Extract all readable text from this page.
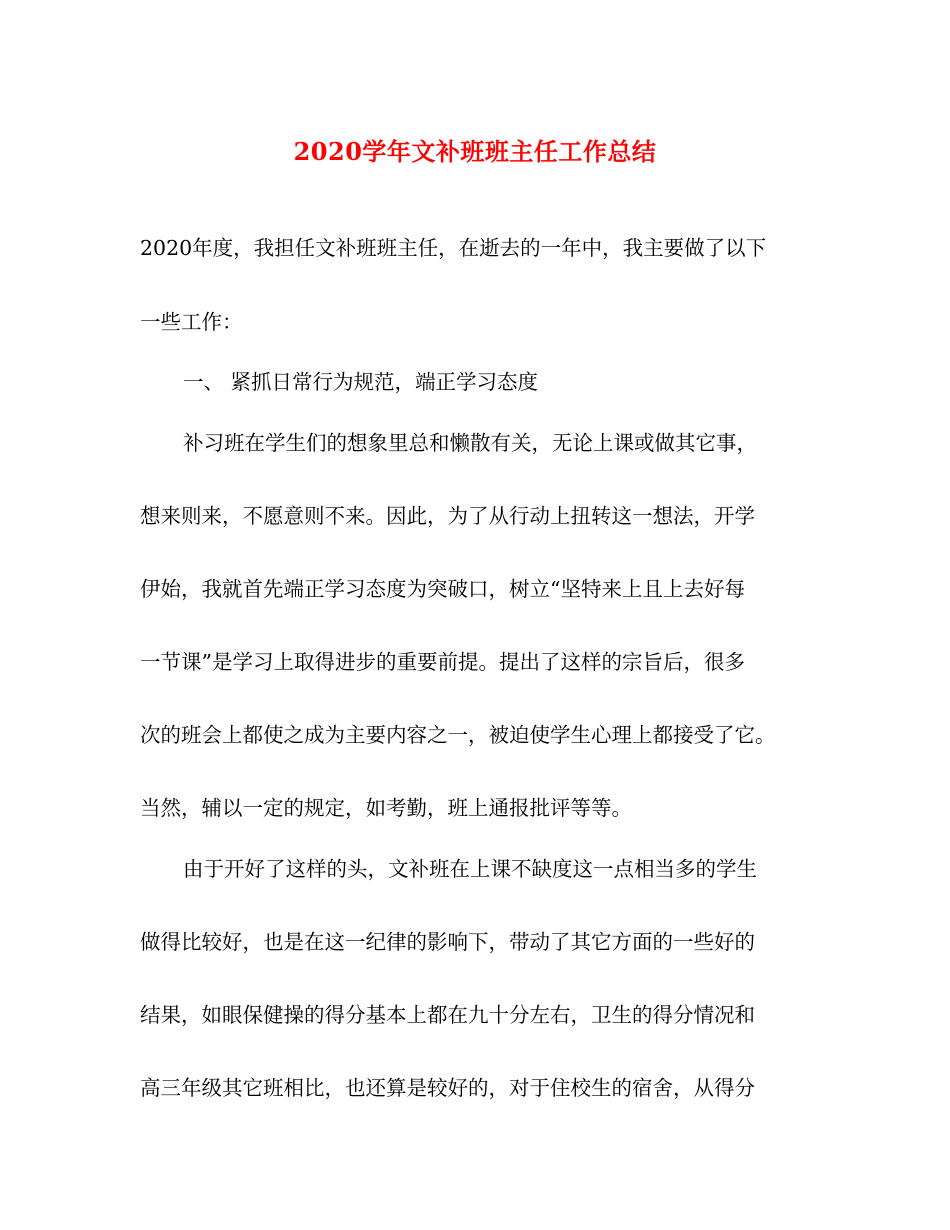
2020学年文补班班主任工作总结
2020年度，我担任文补班班主任，在逝去的一年中，我主要做了以下
一些工作：
一、 紧抓日常行为规范，端正学习态度
补习班在学生们的想象里总和懒散有关，无论上课或做其它事，
想来则来，不愿意则不来。因此，为了从行动上扭转这一想法，开学
伊始，我就首先端正学习态度为突破口，树立“坚特来上且上去好每
一节课”是学习上取得进步的重要前提。提出了这样的宗旨后，很多
次的班会上都使之成为主要内容之一，被迫使学生心理上都接受了它。
当然，辅以一定的规定，如考勤，班上通报批评等等。
由于开好了这样的头，文补班在上课不缺度这一点相当多的学生
做得比较好，也是在这一纪律的影响下，带动了其它方面的一些好的
结果，如眼保健操的得分基本上都在九十分左右，卫生的得分情况和
高三年级其它班相比，也还算是较好的，对于住校生的宿舍，从得分
